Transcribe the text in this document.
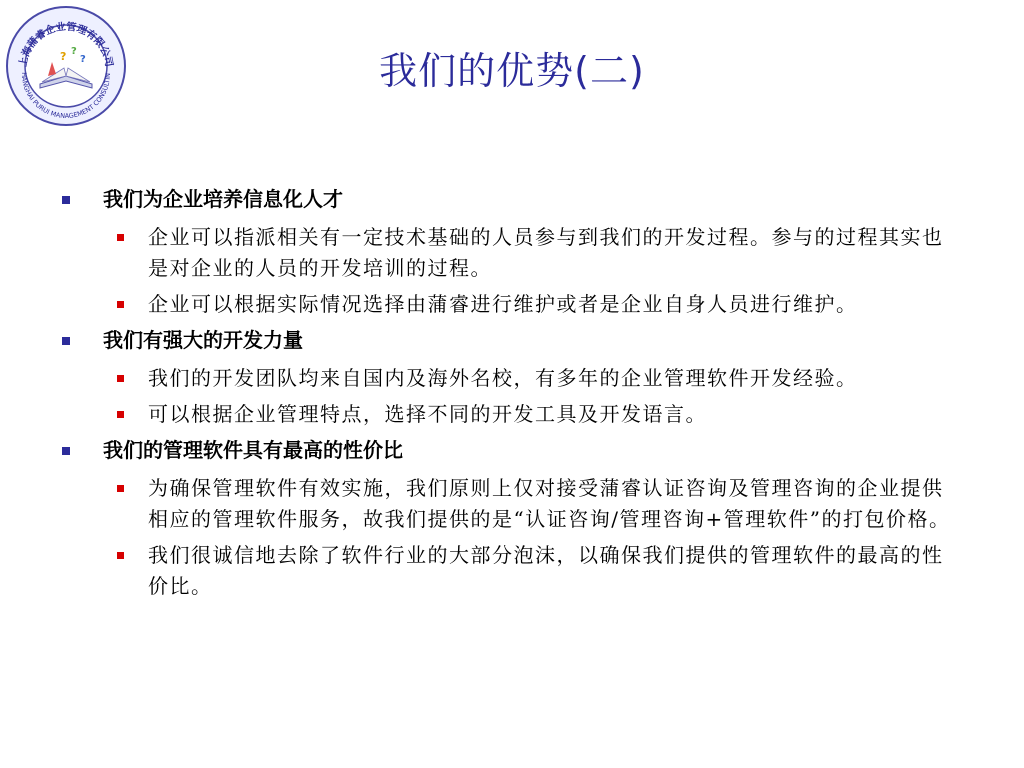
上海蒲睿企业管理有限公司
HANGHAI PURUI MANAGEMENT CONSULTIN
? ?
?	我们的优势(二)
我们为企业培养信息化人才
企业可以指派相关有一定技术基础的人员参与到我们的开发过程。参与的过程其实也是对企业的人员的开发培训的过程。
企业可以根据实际情况选择由蒲睿进行维护或者是企业自身人员进行维护。
我们有强大的开发力量
我们的开发团队均来自国内及海外名校，有多年的企业管理软件开发经验。
可以根据企业管理特点，选择不同的开发工具及开发语言。
我们的管理软件具有最高的性价比
为确保管理软件有效实施，我们原则上仅对接受蒲睿认证咨询及管理咨询的企业提供相应的管理软件服务，故我们提供的是“认证咨询/管理咨询+管理软件”的打包价格。
我们很诚信地去除了软件行业的大部分泡沫，以确保我们提供的管理软件的最高的性价比。
